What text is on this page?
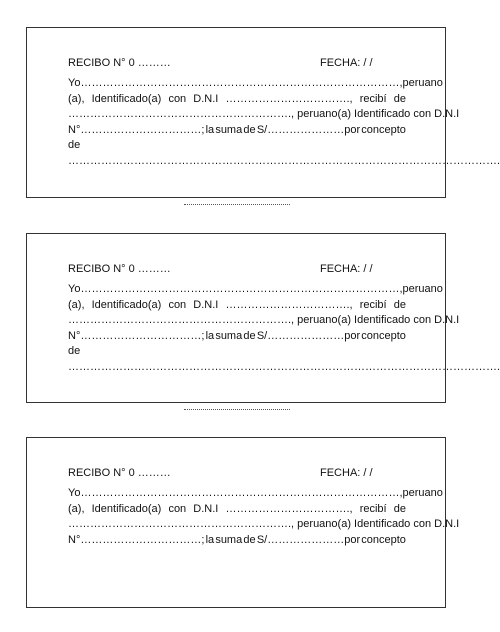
RECIBO N° 0 ………	FECHA: / /
Yo ……………………………………………………………………………, peruano
(a), Identificado(a) con D.N.I ……………………………., recibí de
……………………………………………………., peruano(a) Identificado con D.N.I
N°……………………………; la suma de S/…………………por concepto
de
……………………………………………………………………………………………………….
RECIBO N° 0 ………	FECHA: / /
Yo ……………………………………………………………………………, peruano
(a), Identificado(a) con D.N.I ……………………………., recibí de
……………………………………………………., peruano(a) Identificado con D.N.I
N°……………………………; la suma de S/…………………por concepto
de
……………………………………………………………………………………………………….
RECIBO N° 0 ………	FECHA: / /
Yo ……………………………………………………………………………, peruano
(a), Identificado(a) con D.N.I ……………………………., recibí de
……………………………………………………., peruano(a) Identificado con D.N.I
N°……………………………; la suma de S/…………………por concepto
